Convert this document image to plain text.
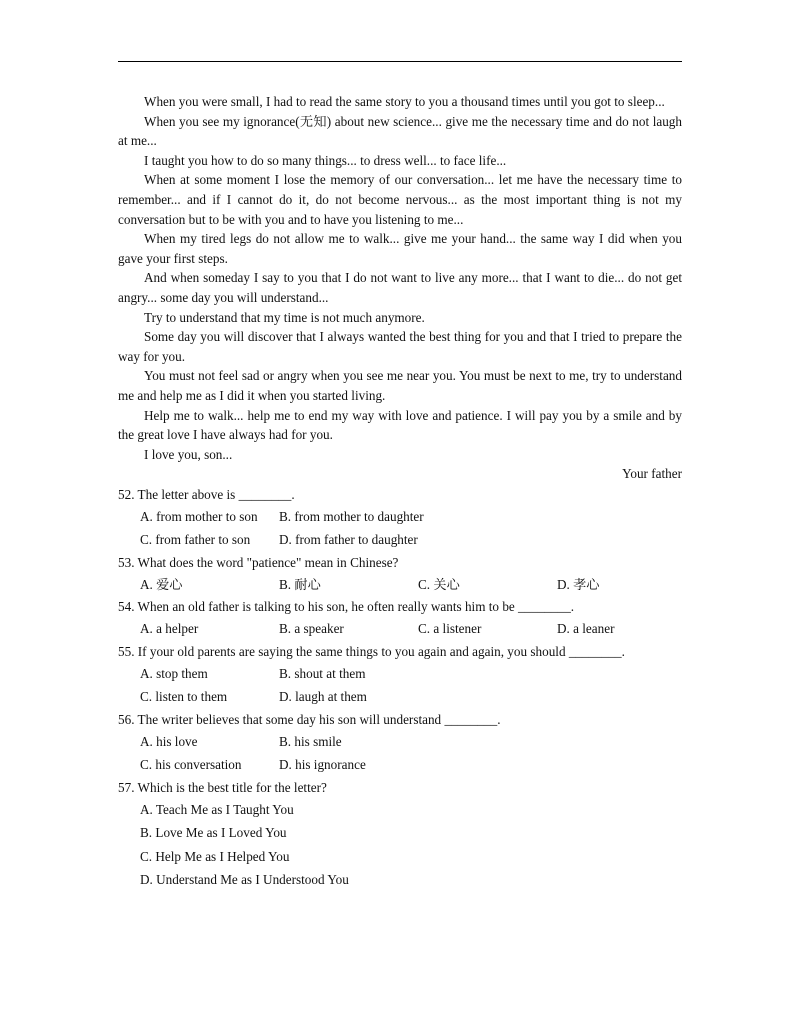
When you were small, I had to read the same story to you a thousand times until you got to sleep...

When you see my ignorance(无知) about new science... give me the necessary time and do not laugh at me...

I taught you how to do so many things... to dress well... to face life...

When at some moment I lose the memory of our conversation... let me have the necessary time to remember... and if I cannot do it, do not become nervous... as the most important thing is not my conversation but to be with you and to have you listening to me...

When my tired legs do not allow me to walk... give me your hand... the same way I did when you gave your first steps.

And when someday I say to you that I do not want to live any more... that I want to die... do not get angry... some day you will understand...

Try to understand that my time is not much anymore.

Some day you will discover that I always wanted the best thing for you and that I tried to prepare the way for you.

You must not feel sad or angry when you see me near you. You must be next to me, try to understand me and help me as I did it when you started living.

Help me to walk... help me to end my way with love and patience. I will pay you by a smile and by the great love I have always had for you.

I love you, son...

Your father

52. The letter above is ________.

A. from mother to son	B. from mother to daughter
C. from father to son	D. from father to daughter

53. What does the word "patience" mean in Chinese?

A. 爱心	B. 耐心	C. 关心	D. 孝心

54. When an old father is talking to his son, he often really wants him to be ________.

A. a helper	B. a speaker	C. a listener	D. a leaner

55. If your old parents are saying the same things to you again and again, you should ________.

A. stop them	B. shout at them
C. listen to them	D. laugh at them

56. The writer believes that some day his son will understand ________.

A. his love	B. his smile
C. his conversation	D. his ignorance

57. Which is the best title for the letter?

A. Teach Me as I Taught You
B. Love Me as I Loved You
C. Help Me as I Helped You
D. Understand Me as I Understood You
